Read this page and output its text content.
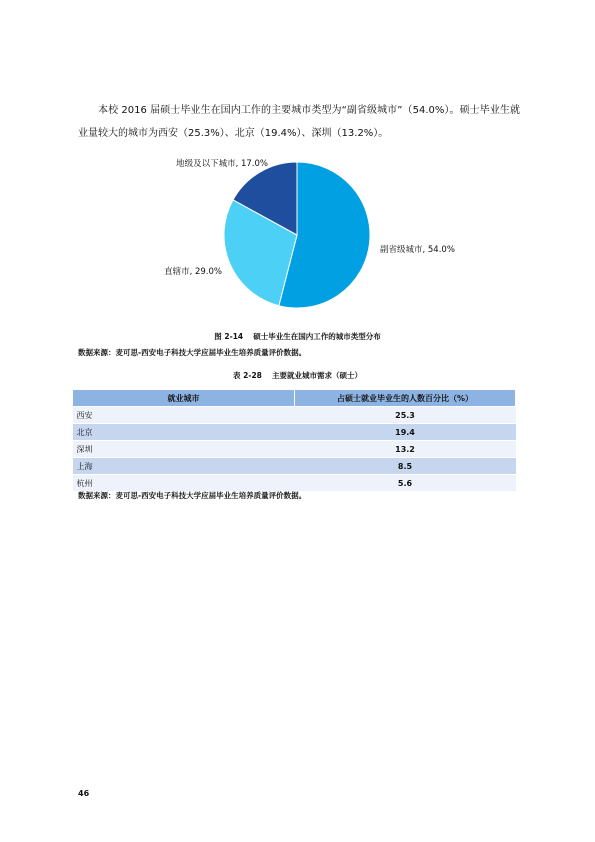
本校 2016 届硕士毕业生在国内工作的主要城市类型为“副省级城市”（54.0%）。硕士毕业生就业量较大的城市为西安（25.3%）、北京（19.4%）、深圳（13.2%）。

副省级城市, 54.0%
直辖市, 29.0%
地级及以下城市, 17.0%

图 2-14　 硕士毕业生在国内工作的城市类型分布

数据来源：麦可思-西安电子科技大学应届毕业生培养质量评价数据。

表 2-28　 主要就业城市需求（硕士）

就业城市	占硕士就业毕业生的人数百分比（%）
西安	25.3
北京	19.4
深圳	13.2
上海	8.5
杭州	5.6

数据来源：麦可思-西安电子科技大学应届毕业生培养质量评价数据。

46
